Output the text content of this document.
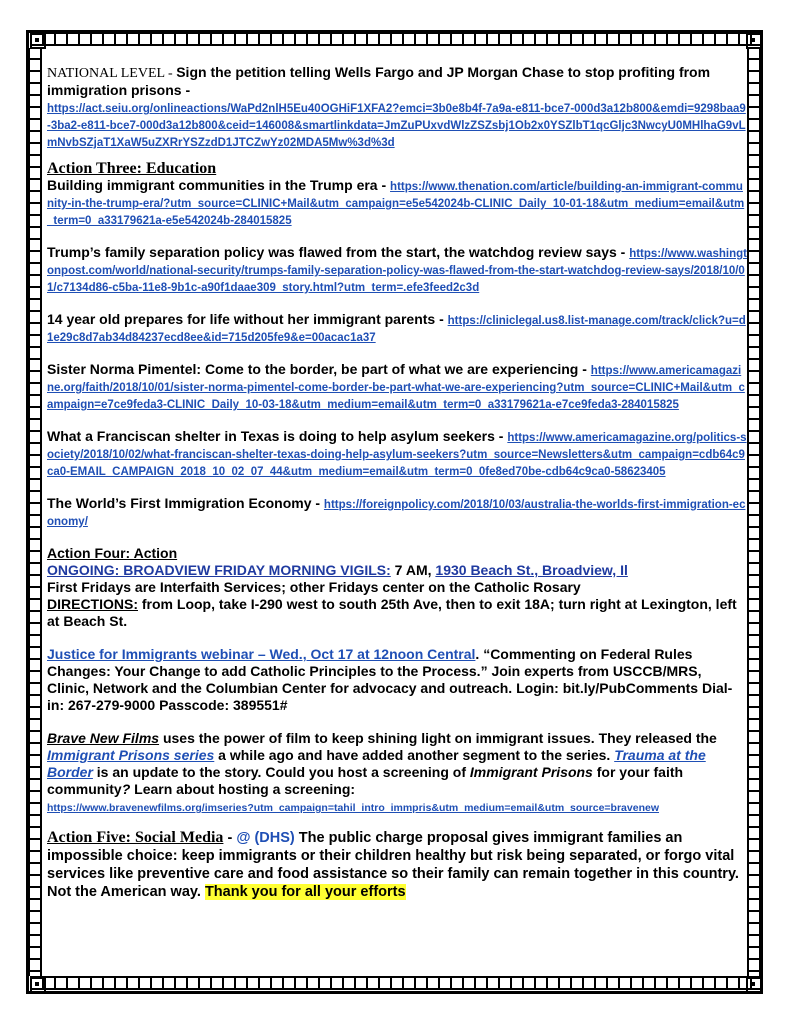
NATIONAL LEVEL - Sign the petition telling Wells Fargo and JP Morgan Chase to stop profiting from immigration prisons -
https://act.seiu.org/onlineactions/WaPd2nlH5Eu40OGHiF1XFA2?emci=3b0e8b4f-7a9a-e811-bce7-000d3a12b800&emdi=9298baa9-3ba2-e811-bce7-000d3a12b800&ceid=146008&smartlinkdata=JmZuPUxvdWlzZSZsbj1Ob2x0YSZlbT1qcGljc3NwcyU0MHlhaG9vLmNvbSZjaT1XaW5uZXRrYSZzdD1JTCZwYz02MDA5Mw%3d%3d

Action Three: Education

Building immigrant communities in the Trump era - https://www.thenation.com/article/building-an-immigrant-community-in-the-trump-era/?utm_source=CLINIC+Mail&utm_campaign=e5e542024b-CLINIC_Daily_10-01-18&utm_medium=email&utm_term=0_a33179621a-e5e542024b-284015825

Trump’s family separation policy was flawed from the start, the watchdog review says - https://www.washingtonpost.com/world/national-security/trumps-family-separation-policy-was-flawed-from-the-start-watchdog-review-says/2018/10/01/c7134d86-c5ba-11e8-9b1c-a90f1daae309_story.html?utm_term=.efe3feed2c3d

14 year old prepares for life without her immigrant parents - https://cliniclegal.us8.list-manage.com/track/click?u=d1e29c8d7ab34d84237ecd8ee&id=715d205fe9&e=00acac1a37

Sister Norma Pimentel: Come to the border, be part of what we are experiencing - https://www.americamagazine.org/faith/2018/10/01/sister-norma-pimentel-come-border-be-part-what-we-are-experiencing?utm_source=CLINIC+Mail&utm_campaign=e7ce9feda3-CLINIC_Daily_10-03-18&utm_medium=email&utm_term=0_a33179621a-e7ce9feda3-284015825

What a Franciscan shelter in Texas is doing to help asylum seekers - https://www.americamagazine.org/politics-society/2018/10/02/what-franciscan-shelter-texas-doing-help-asylum-seekers?utm_source=Newsletters&utm_campaign=cdb64c9ca0-EMAIL_CAMPAIGN_2018_10_02_07_44&utm_medium=email&utm_term=0_0fe8ed70be-cdb64c9ca0-58623405

The World’s First Immigration Economy - https://foreignpolicy.com/2018/10/03/australia-the-worlds-first-immigration-economy/

Action Four: Action
ONGOING: BROADVIEW FRIDAY MORNING VIGILS: 7 AM, 1930 Beach St., Broadview, Il
First Fridays are Interfaith Services; other Fridays center on the Catholic Rosary
DIRECTIONS: from Loop, take I-290 west to south 25th Ave, then to exit 18A; turn right at Lexington, left at Beach St.

Justice for Immigrants webinar – Wed., Oct 17 at 12noon Central. “Commenting on Federal Rules Changes: Your Change to add Catholic Principles to the Process.” Join experts from USCCB/MRS, Clinic, Network and the Columbian Center for advocacy and outreach. Login: bit.ly/PubComments Dial-in: 267-279-9000 Passcode: 389551#

Brave New Films uses the power of film to keep shining light on immigrant issues. They released the Immigrant Prisons series a while ago and have added another segment to the series. Trauma at the Border is an update to the story. Could you host a screening of Immigrant Prisons for your faith community? Learn about hosting a screening:
https://www.bravenewfilms.org/imseries?utm_campaign=tahil_intro_immpris&utm_medium=email&utm_source=bravenew

Action Five: Social Media - @ (DHS) The public charge proposal gives immigrant families an impossible choice: keep immigrants or their children healthy but risk being separated, or forgo vital services like preventive care and food assistance so their family can remain together in this country. Not the American way. Thank you for all your efforts
